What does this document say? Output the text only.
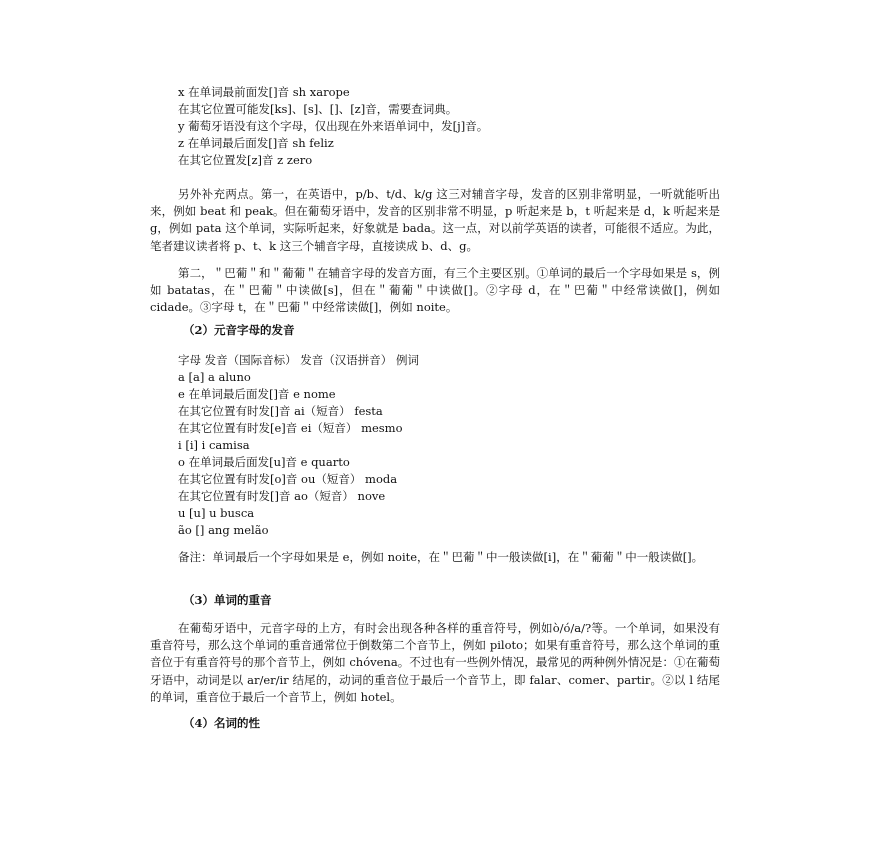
x 在单词最前面发[]音 sh xarope
在其它位置可能发[ks]、[s]、[]、[z]音，需要查词典。
y 葡萄牙语没有这个字母，仅出现在外来语单词中，发[j]音。
z 在单词最后面发[]音 sh feliz
在其它位置发[z]音 z zero
另外补充两点。第一，在英语中，p/b、t/d、k/g 这三对辅音字母，发音的区别非常明显，一听就能听出来，例如 beat 和 peak。但在葡萄牙语中，发音的区别非常不明显，p 听起来是 b，t 听起来是 d，k 听起来是 g，例如 pata 这个单词，实际听起来，好象就是 bada。这一点，对以前学英语的读者，可能很不适应。为此，笔者建议读者将 p、t、k 这三个辅音字母，直接读成 b、d、g。
第二，＂巴葡＂和＂葡葡＂在辅音字母的发音方面，有三个主要区别。①单词的最后一个字母如果是 s，例如 batatas，在＂巴葡＂中读做[s]，但在＂葡葡＂中读做[]。②字母 d，在＂巴葡＂中经常读做[]，例如 cidade。③字母 t，在＂巴葡＂中经常读做[]，例如 noite。
（2）元音字母的发音
字母 发音（国际音标） 发音（汉语拼音） 例词
a [a] a aluno
e 在单词最后面发[]音 e nome
在其它位置有时发[]音 ai（短音） festa
在其它位置有时发[e]音 ei（短音） mesmo
i [i] i camisa
o 在单词最后面发[u]音 e quarto
在其它位置有时发[o]音 ou（短音） moda
在其它位置有时发[]音 ao（短音） nove
u [u] u busca
ão [] ang melão
备注：单词最后一个字母如果是 e，例如 noite，在＂巴葡＂中一般读做[i]，在＂葡葡＂中一般读做[]。
（3）单词的重音
在葡萄牙语中，元音字母的上方，有时会出现各种各样的重音符号，例如ò/ó/a/?等。一个单词，如果没有重音符号，那么这个单词的重音通常位于倒数第二个音节上，例如 piloto；如果有重音符号，那么这个单词的重音位于有重音符号的那个音节上，例如 chóvena。不过也有一些例外情况，最常见的两种例外情况是：①在葡萄牙语中，动词是以 ar/er/ir 结尾的，动词的重音位于最后一个音节上，即 falar、comer、partir。②以 l 结尾的单词，重音位于最后一个音节上，例如 hotel。
（4）名词的性
